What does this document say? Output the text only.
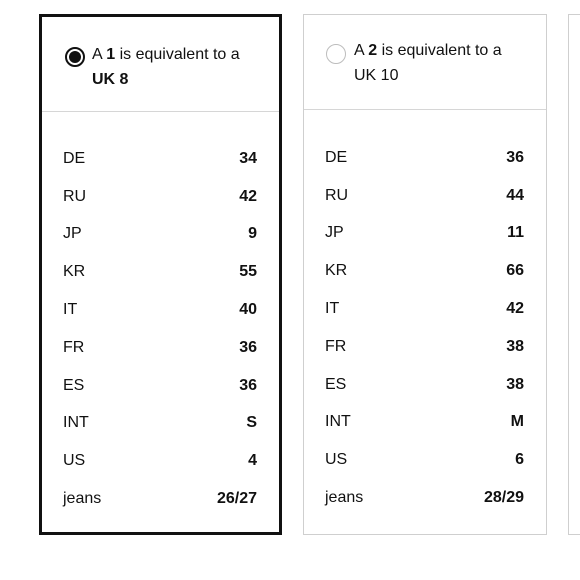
A 1 is equivalent to a
UK 8
DE	34
RU	42
JP	9
KR	55
IT	40
FR	36
ES	36
INT	S
US	4
jeans	26/27
A 2 is equivalent to a
UK 10
DE	36
RU	44
JP	11
KR	66
IT	42
FR	38
ES	38
INT	M
US	6
jeans	28/29
